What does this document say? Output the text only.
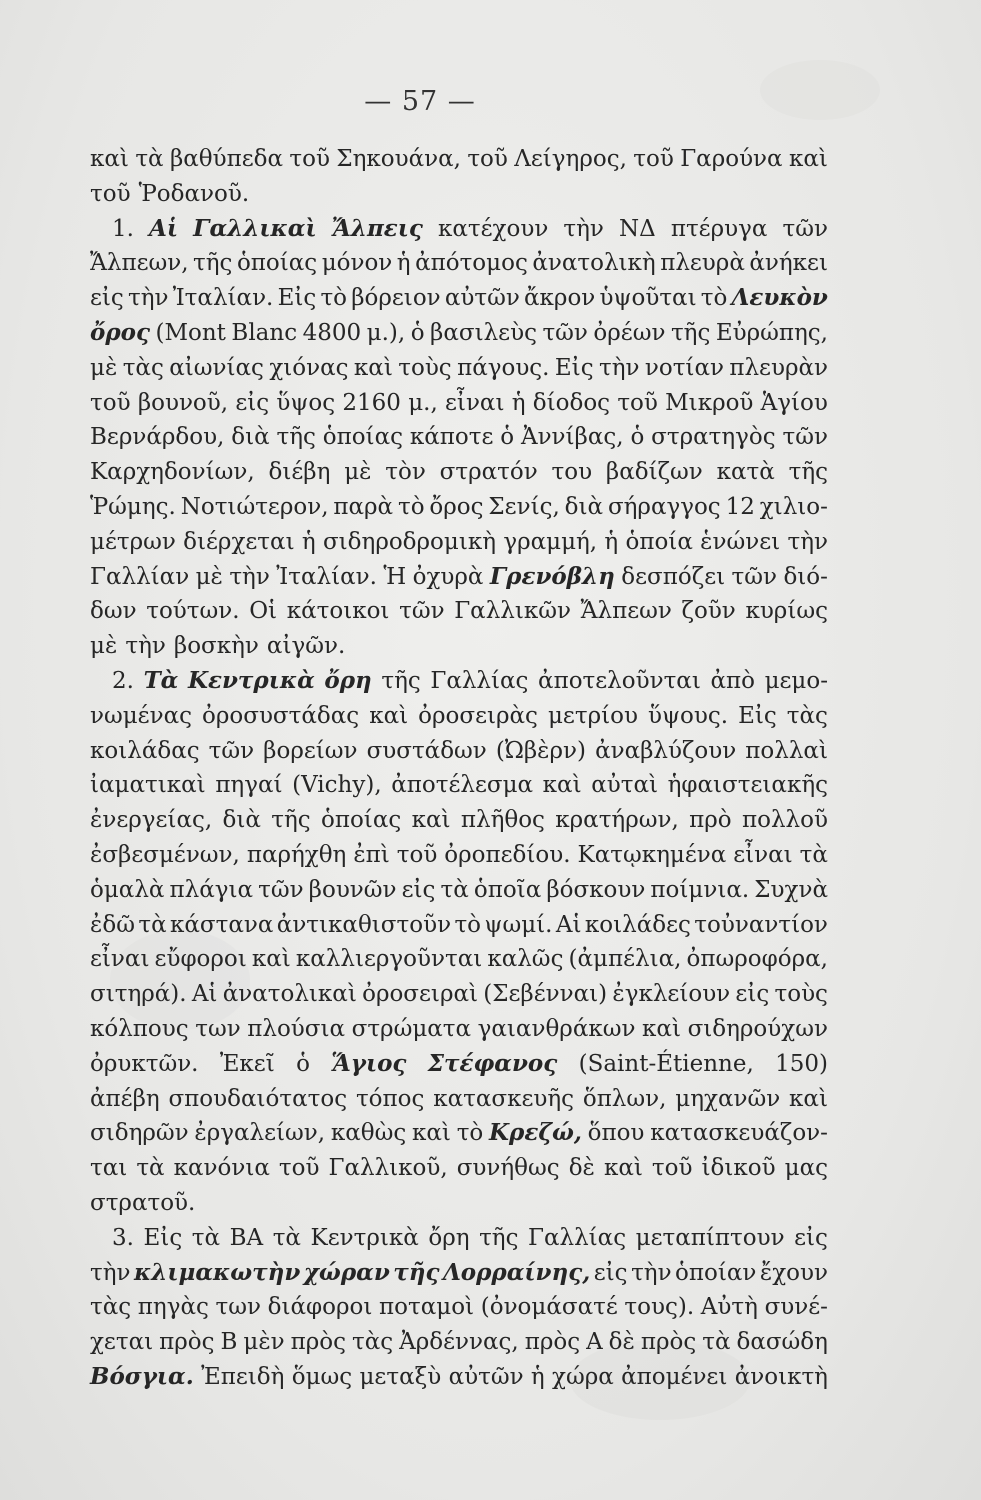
— 57 —
καὶ τὰ βαθύπεδα τοῦ Σηκουάνα, τοῦ Λείγηρος, τοῦ Γαρούνα καὶ
τοῦ Ῥοδανοῦ.
1. Αἱ Γαλλικαὶ Ἄλπεις κατέχουν τὴν ΝΔ πτέρυγα τῶν
Ἄλπεων, τῆς ὁποίας μόνον ἡ ἀπότομος ἀνατολικὴ πλευρὰ ἀνήκει
εἰς τὴν Ἰταλίαν. Εἰς τὸ βόρειον αὐτῶν ἄκρον ὑψοῦται τὸ Λευκὸν
ὄρος (Mont Blanc 4800 μ.), ὁ βασιλεὺς τῶν ὀρέων τῆς Εὐρώπης,
μὲ τὰς αἰωνίας χιόνας καὶ τοὺς πάγους. Εἰς τὴν νοτίαν πλευρὰν
τοῦ βουνοῦ, εἰς ὕψος 2160 μ., εἶναι ἡ δίοδος τοῦ Μικροῦ Ἁγίου
Βερνάρδου, διὰ τῆς ὁποίας κάποτε ὁ Ἀννίβας, ὁ στρατηγὸς τῶν
Καρχηδονίων, διέβη μὲ τὸν στρατόν του βαδίζων κατὰ τῆς
Ῥώμης. Νοτιώτερον, παρὰ τὸ ὄρος Σενίς, διὰ σήραγγος 12 χιλιο-
μέτρων διέρχεται ἡ σιδηροδρομικὴ γραμμή, ἡ ὁποία ἑνώνει τὴν
Γαλλίαν μὲ τὴν Ἰταλίαν. Ἡ ὀχυρὰ Γρενόβλη δεσπόζει τῶν διό-
δων τούτων. Οἱ κάτοικοι τῶν Γαλλικῶν Ἄλπεων ζοῦν κυρίως
μὲ τὴν βοσκὴν αἰγῶν.
2. Τὰ Κεντρικὰ ὄρη τῆς Γαλλίας ἀποτελοῦνται ἀπὸ μεμο-
νωμένας ὀροσυστάδας καὶ ὀροσειρὰς μετρίου ὕψους. Εἰς τὰς
κοιλάδας τῶν βορείων συστάδων (Ὠβὲρν) ἀναβλύζουν πολλαὶ
ἰαματικαὶ πηγαί (Vichy), ἀποτέλεσμα καὶ αὐταὶ ἡφαιστειακῆς
ἐνεργείας, διὰ τῆς ὁποίας καὶ πλῆθος κρατήρων, πρὸ πολλοῦ
ἐσβεσμένων, παρήχθη ἐπὶ τοῦ ὀροπεδίου. Κατῳκημένα εἶναι τὰ
ὁμαλὰ πλάγια τῶν βουνῶν εἰς τὰ ὁποῖα βόσκουν ποίμνια. Συχνὰ
ἐδῶ τὰ κάστανα ἀντικαθιστοῦν τὸ ψωμί. Αἱ κοιλάδες τοὐναντίον
εἶναι εὔφοροι καὶ καλλιεργοῦνται καλῶς (ἀμπέλια, ὀπωροφόρα,
σιτηρά). Αἱ ἀνατολικαὶ ὀροσειραὶ (Σεβένναι) ἐγκλείουν εἰς τοὺς
κόλπους των πλούσια στρώματα γαιανθράκων καὶ σιδηρούχων
ὀρυκτῶν. Ἐκεῖ ὁ Ἅγιος Στέφανος (Saint-Étienne, 150)
ἀπέβη σπουδαιότατος τόπος κατασκευῆς ὅπλων, μηχανῶν καὶ
σιδηρῶν ἐργαλείων, καθὼς καὶ τὸ Κρεζώ, ὅπου κατασκευάζον-
ται τὰ κανόνια τοῦ Γαλλικοῦ, συνήθως δὲ καὶ τοῦ ἰδικοῦ μας
στρατοῦ.
3. Εἰς τὰ ΒΑ τὰ Κεντρικὰ ὄρη τῆς Γαλλίας μεταπίπτουν εἰς
τὴν κλιμακωτὴν χώραν τῆς Λορραίνης, εἰς τὴν ὁποίαν ἔχουν
τὰς πηγὰς των διάφοροι ποταμοὶ (ὀνομάσατέ τους). Αὐτὴ συνέ-
χεται πρὸς Β μὲν πρὸς τὰς Ἀρδέννας, πρὸς Α δὲ πρὸς τὰ δασώδη
Βόσγια. Ἐπειδὴ ὅμως μεταξὺ αὐτῶν ἡ χώρα ἀπομένει ἀνοικτὴ
